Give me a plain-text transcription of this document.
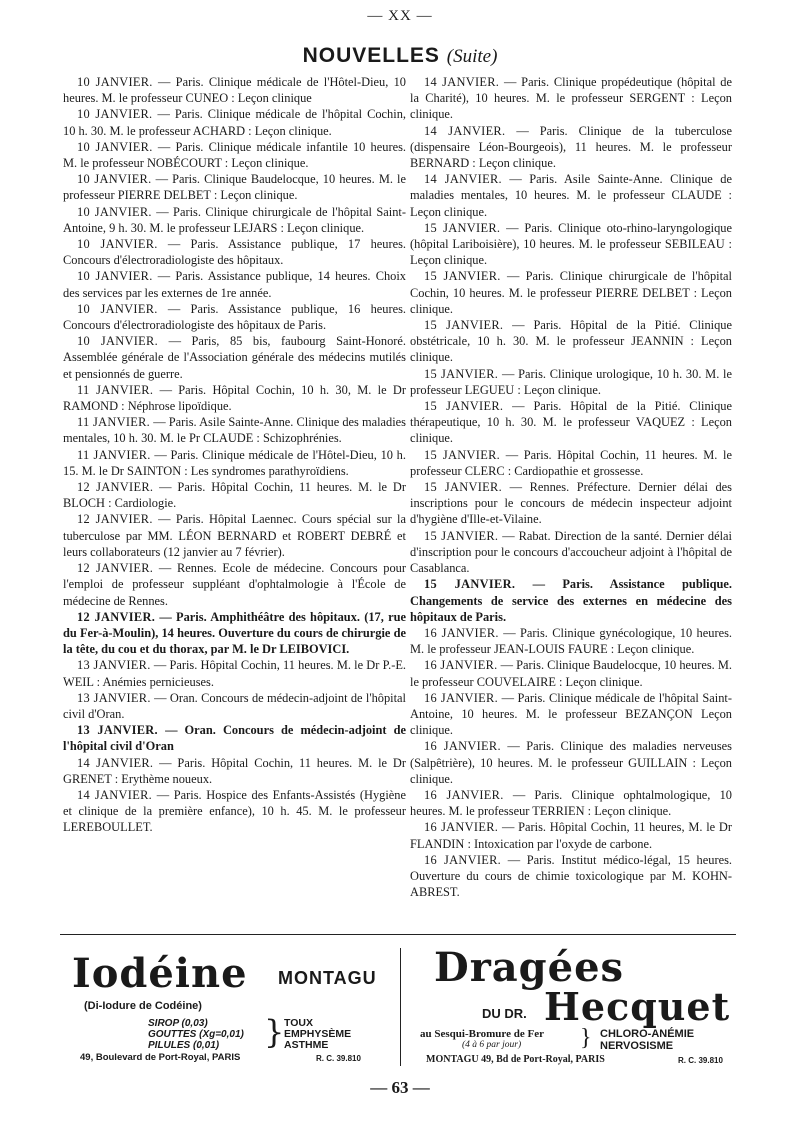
— XX —
NOUVELLES (Suite)

10 JANVIER. — Paris. Clinique médicale de l'Hôtel-Dieu, 10 heures. M. le professeur CUNEO : Leçon clinique

10 JANVIER. — Paris. Clinique médicale de l'hôpital Cochin, 10 h. 30. M. le professeur ACHARD : Leçon clinique.

10 JANVIER. — Paris. Clinique médicale infantile 10 heures. M. le professeur NOBÉCOURT : Leçon clinique.

10 JANVIER. — Paris. Clinique Baudelocque, 10 heures. M. le professeur PIERRE DELBET : Leçon clinique.

10 JANVIER. — Paris. Clinique chirurgicale de l'hôpital Saint-Antoine, 9 h. 30. M. le professeur LEJARS : Leçon clinique.

10 JANVIER. — Paris. Assistance publique, 17 heures. Concours d'électroradiologiste des hôpitaux.

10 JANVIER. — Paris. Assistance publique, 14 heures. Choix des services par les externes de 1re année.

10 JANVIER. — Paris. Assistance publique, 16 heures. Concours d'électroradiologiste des hôpitaux de Paris.

10 JANVIER. — Paris, 85 bis, faubourg Saint-Honoré. Assemblée générale de l'Association générale des médecins mutilés et pensionnés de guerre.

11 JANVIER. — Paris. Hôpital Cochin, 10 h. 30, M. le Dr RAMOND : Néphrose lipoïdique.

11 JANVIER. — Paris. Asile Sainte-Anne. Clinique des maladies mentales, 10 h. 30. M. le Pr CLAUDE : Schizophrénies.

11 JANVIER. — Paris. Clinique médicale de l'Hôtel-Dieu, 10 h. 15. M. le Dr SAINTON : Les syndromes parathyroïdiens.

12 JANVIER. — Paris. Hôpital Cochin, 11 heures. M. le Dr BLOCH : Cardiologie.

12 JANVIER. — Paris. Hôpital Laennec. Cours spécial sur la tuberculose par MM. LÉON BERNARD et ROBERT DEBRÉ et leurs collaborateurs (12 janvier au 7 février).

12 JANVIER. — Rennes. Ecole de médecine. Concours pour l'emploi de professeur suppléant d'ophtalmologie à l'École de médecine de Rennes.

12 JANVIER. — Paris. Amphithéâtre des hôpitaux. (17, rue du Fer-à-Moulin), 14 heures. Ouverture du cours de chirurgie de la tête, du cou et du thorax, par M. le Dr LEIBOVICI.

13 JANVIER. — Paris. Hôpital Cochin, 11 heures. M. le Dr P.-E. WEIL : Anémies pernicieuses.

13 JANVIER. — Oran. Concours de médecin-adjoint de l'hôpital civil d'Oran.

13 JANVIER. — Oran. Concours de médecin-adjoint de l'hôpital civil d'Oran

14 JANVIER. — Paris. Hôpital Cochin, 11 heures. M. le Dr GRENET : Erythème noueux.

14 JANVIER. — Paris. Hospice des Enfants-Assistés (Hygiène et clinique de la première enfance), 10 h. 45. M. le professeur LEREBOULLET.

14 JANVIER. — Paris. Clinique propédeutique (hôpital de la Charité), 10 heures. M. le professeur SERGENT : Leçon clinique.

14 JANVIER. — Paris. Clinique de la tuberculose (dispensaire Léon-Bourgeois), 11 heures. M. le professeur BERNARD : Leçon clinique.

14 JANVIER. — Paris. Asile Sainte-Anne. Clinique de maladies mentales, 10 heures. M. le professeur CLAUDE : Leçon clinique.

15 JANVIER. — Paris. Clinique oto-rhino-laryngologique (hôpital Lariboisière), 10 heures. M. le professeur SEBILEAU : Leçon clinique.

15 JANVIER. — Paris. Clinique chirurgicale de l'hôpital Cochin, 10 heures. M. le professeur PIERRE DELBET : Leçon clinique.

15 JANVIER. — Paris. Hôpital de la Pitié. Clinique obstétricale, 10 h. 30. M. le professeur JEANNIN : Leçon clinique.

15 JANVIER. — Paris. Clinique urologique, 10 h. 30. M. le professeur LEGUEU : Leçon clinique.

15 JANVIER. — Paris. Hôpital de la Pitié. Clinique thérapeutique, 10 h. 30. M. le professeur VAQUEZ : Leçon clinique.

15 JANVIER. — Paris. Hôpital Cochin, 11 heures. M. le professeur CLERC : Cardiopathie et grossesse.

15 JANVIER. — Rennes. Préfecture. Dernier délai des inscriptions pour le concours de médecin inspecteur adjoint d'hygiène d'Ille-et-Vilaine.

15 JANVIER. — Rabat. Direction de la santé. Dernier délai d'inscription pour le concours d'accoucheur adjoint à l'hôpital de Casablanca.

15 JANVIER. — Paris. Assistance publique. Changements de service des externes en médecine des hôpitaux de Paris.

16 JANVIER. — Paris. Clinique gynécologique, 10 heures. M. le professeur JEAN-LOUIS FAURE : Leçon clinique.

16 JANVIER. — Paris. Clinique Baudelocque, 10 heures. M. le professeur COUVELAIRE : Leçon clinique.

16 JANVIER. — Paris. Clinique médicale de l'hôpital Saint-Antoine, 10 heures. M. le professeur BEZANÇON Leçon clinique.

16 JANVIER. — Paris. Clinique des maladies nerveuses (Salpêtrière), 10 heures. M. le professeur GUILLAIN : Leçon clinique.

16 JANVIER. — Paris. Clinique ophtalmologique, 10 heures. M. le professeur TERRIEN : Leçon clinique.

16 JANVIER. — Paris. Hôpital Cochin, 11 heures, M. le Dr FLANDIN : Intoxication par l'oxyde de carbone.

16 JANVIER. — Paris. Institut médico-légal, 15 heures. Ouverture du cours de chimie toxicologique par M. KOHN-ABREST.

Iodéine MONTAGU
(Di-Iodure de Codéine)
SIROP (0,03)
GOUTTES (Xg=0,01)
PILULES (0,01)	} TOUX
EMPHYSÈME
ASTHME
49, Boulevard de Port-Royal, PARIS	R. C. 39.810
Dragées
DU DR. Hecquet
au Sesqui-Bromure de Fer
(4 à 6 par jour) } CHLORO-ANÉMIE
NERVOSISME
MONTAGU 49, Bd de Port-Royal, PARIS	R. C. 39.810
— 63 —
